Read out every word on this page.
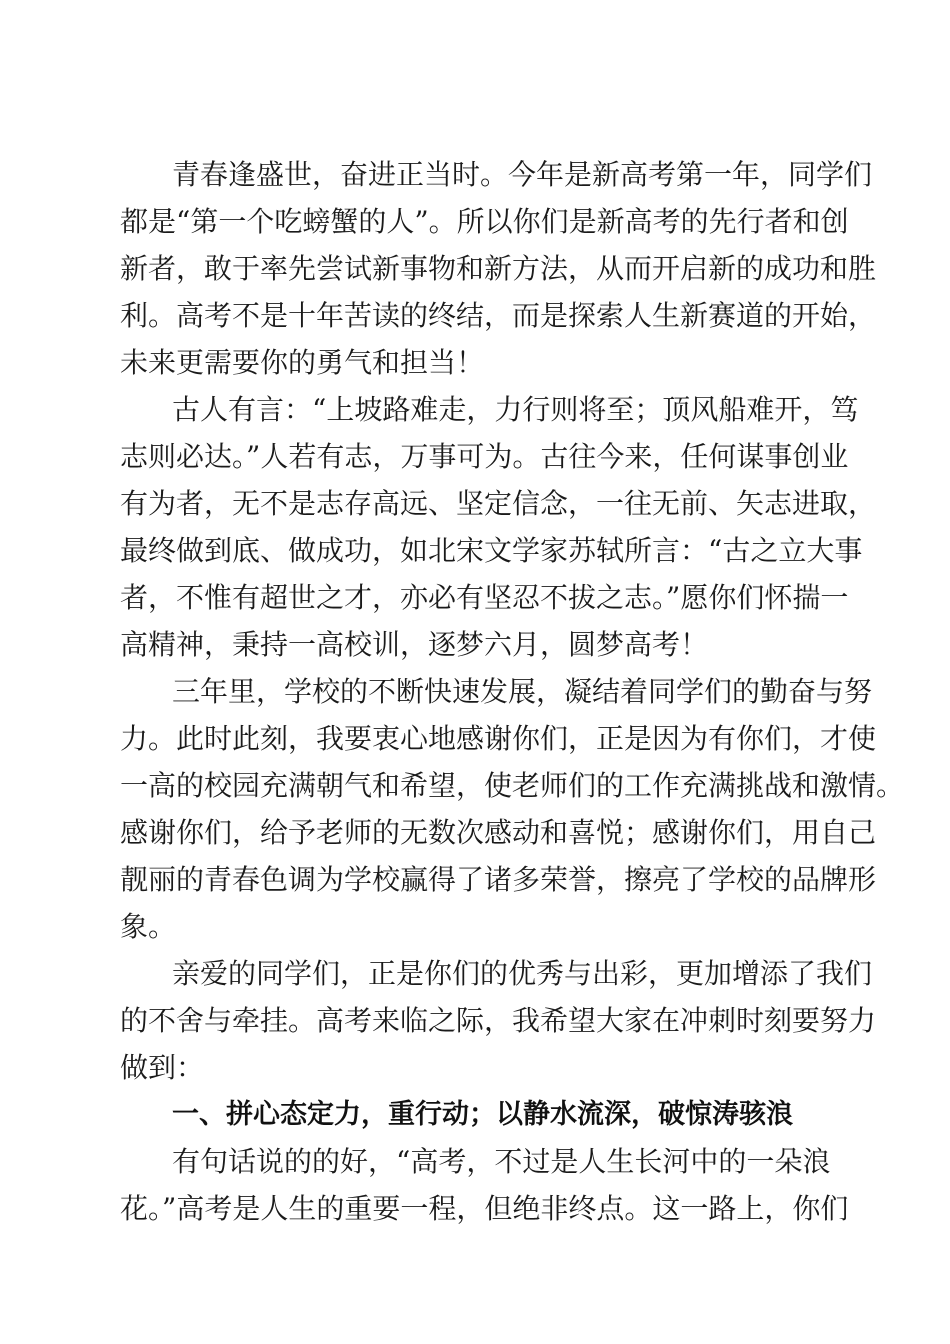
青春逢盛世，奋进正当时。今年是新高考第一年，同学们
都是“第一个吃螃蟹的人”。所以你们是新高考的先行者和创
新者，敢于率先尝试新事物和新方法，从而开启新的成功和胜
利。高考不是十年苦读的终结，而是探索人生新赛道的开始，
未来更需要你的勇气和担当！
古人有言：“上坡路难走，力行则将至；顶风船难开，笃
志则必达。”人若有志，万事可为。古往今来，任何谋事创业
有为者，无不是志存高远、坚定信念，一往无前、矢志进取，
最终做到底、做成功，如北宋文学家苏轼所言：“古之立大事
者，不惟有超世之才，亦必有坚忍不拔之志。”愿你们怀揣一
高精神，秉持一高校训，逐梦六月，圆梦高考！
三年里，学校的不断快速发展，凝结着同学们的勤奋与努
力。此时此刻，我要衷心地感谢你们，正是因为有你们，才使
一高的校园充满朝气和希望，使老师们的工作充满挑战和激情。
感谢你们，给予老师的无数次感动和喜悦；感谢你们，用自己
靓丽的青春色调为学校赢得了诸多荣誉，擦亮了学校的品牌形
象。
亲爱的同学们，正是你们的优秀与出彩，更加增添了我们
的不舍与牵挂。高考来临之际，我希望大家在冲刺时刻要努力
做到：
一、拼心态定力，重行动；以静水流深，破惊涛骇浪
有句话说的的好，“高考，不过是人生长河中的一朵浪
花。”高考是人生的重要一程，但绝非终点。这一路上，你们
